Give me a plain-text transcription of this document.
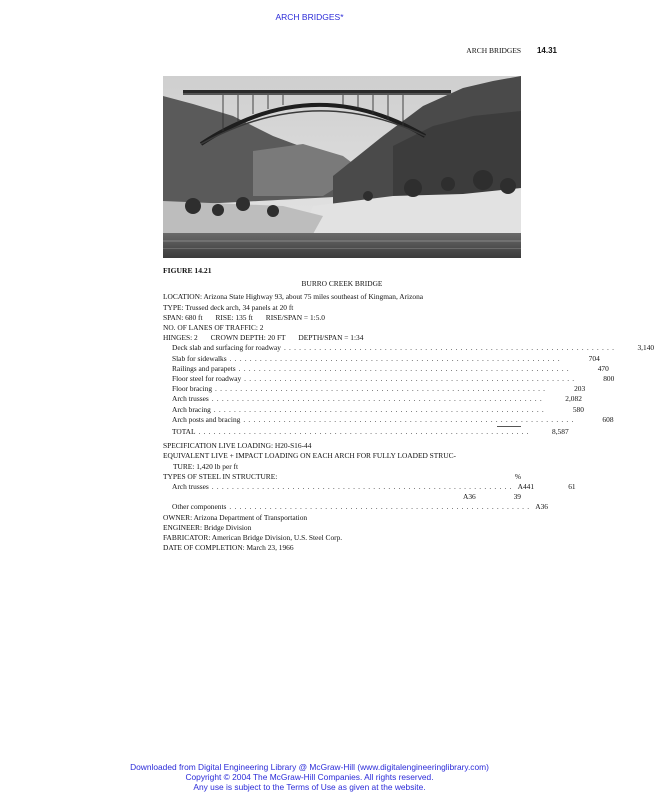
ARCH BRIDGES*
ARCH BRIDGES 14.31

FIGURE 14.21

BURRO CREEK BRIDGE
LOCATION: Arizona State Highway 93, about 75 miles southeast of Kingman, Arizona
TYPE: Trussed deck arch, 34 panels at 20 ft
SPAN: 680 ft       RISE: 135 ft       RISE/SPAN = 1:5.0
NO. OF LANES OF TRAFFIC: 2
HINGES: 2       CROWN DEPTH: 20 FT       DEPTH/SPAN = 1:34
Deck slab and surfacing for roadway ..................................................................	3,140
Slab for sidewalks ..................................................................	704
Railings and parapets ..................................................................	470
Floor steel for roadway ..................................................................	800
Floor bracing ..................................................................	203
Arch trusses ..................................................................	2,082
Arch bracing ..................................................................	580
Arch posts and bracing ..................................................................	608
TOTAL ..................................................................	8,587
SPECIFICATION LIVE LOADING: H20-S16-44
EQUIVALENT LIVE + IMPACT LOADING ON EACH ARCH FOR FULLY LOADED STRUC-
TURE: 1,420 lb per ft
TYPES OF STEEL IN STRUCTURE:	%
Arch trusses ............................................................ A441	61
A36	39
Other components ............................................................ A36
OWNER: Arizona Department of Transportation
ENGINEER: Bridge Division
FABRICATOR: American Bridge Division, U.S. Steel Corp.
DATE OF COMPLETION: March 23, 1966
Downloaded from Digital Engineering Library @ McGraw-Hill (www.digitalengineeringlibrary.com)
Copyright © 2004 The McGraw-Hill Companies. All rights reserved.
Any use is subject to the Terms of Use as given at the website.
